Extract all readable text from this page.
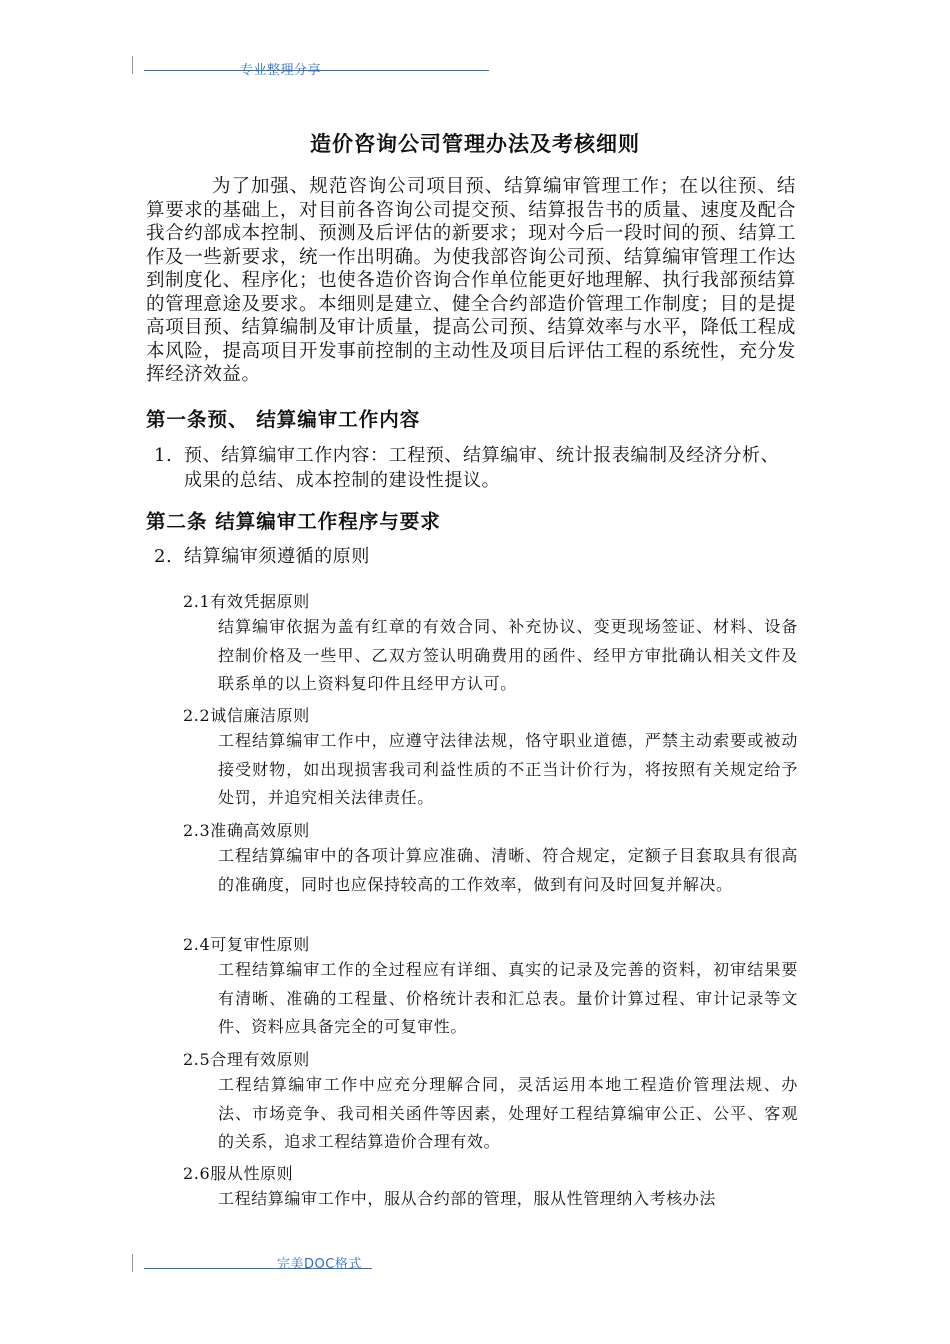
专业整理分享
造价咨询公司管理办法及考核细则
为了加强、规范咨询公司项目预、结算编审管理工作；在以往预、结算要求的基础上，对目前各咨询公司提交预、结算报告书的质量、速度及配合我合约部成本控制、预测及后评估的新要求；现对今后一段时间的预、结算工作及一些新要求，统一作出明确。为使我部咨询公司预、结算编审管理工作达到制度化、程序化；也使各造价咨询合作单位能更好地理解、执行我部预结算的管理意途及要求。本细则是建立、健全合约部造价管理工作制度；目的是提高项目预、结算编制及审计质量，提高公司预、结算效率与水平，降低工程成本风险，提高项目开发事前控制的主动性及项目后评估工程的系统性，充分发挥经济效益。
第一条预、 结算编审工作内容
1. 预、结算编审工作内容：工程预、结算编审、统计报表编制及经济分析、成果的总结、成本控制的建设性提议。
第二条 结算编审工作程序与要求
2. 结算编审须遵循的原则
2.1有效凭据原则
结算编审依据为盖有红章的有效合同、补充协议、变更现场签证、材料、设备控制价格及一些甲、乙双方签认明确费用的函件、经甲方审批确认相关文件及联系单的以上资料复印件且经甲方认可。
2.2诚信廉洁原则
工程结算编审工作中，应遵守法律法规，恪守职业道德，严禁主动索要或被动接受财物，如出现损害我司利益性质的不正当计价行为，将按照有关规定给予处罚，并追究相关法律责任。
2.3准确高效原则
工程结算编审中的各项计算应准确、清晰、符合规定，定额子目套取具有很高的准确度，同时也应保持较高的工作效率，做到有问及时回复并解决。
2.4可复审性原则
工程结算编审工作的全过程应有详细、真实的记录及完善的资料，初审结果要有清晰、准确的工程量、价格统计表和汇总表。量价计算过程、审计记录等文件、资料应具备完全的可复审性。
2.5合理有效原则
工程结算编审工作中应充分理解合同，灵活运用本地工程造价管理法规、办法、市场竞争、我司相关函件等因素，处理好工程结算编审公正、公平、客观的关系，追求工程结算造价合理有效。
2.6服从性原则
工程结算编审工作中，服从合约部的管理，服从性管理纳入考核办法
完美DOC格式
